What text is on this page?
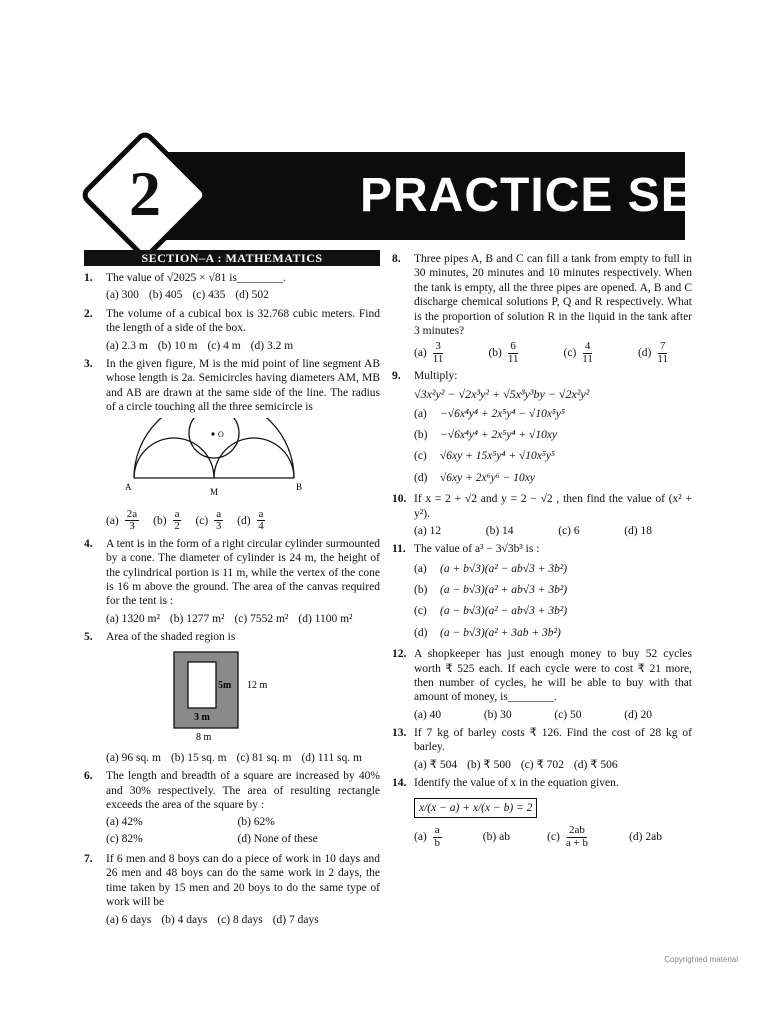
PRACTICE SET
2
SECTION–A : MATHEMATICS
1.	The value of √2025 × √81 is________.
(a) 300 (b) 405 (c) 435 (d) 502
2.	The volume of a cubical box is 32.768 cubic meters. Find the length of a side of the box.
(a) 2.3 m (b) 10 m (c) 4 m (d) 3.2 m
3.	In the given figure, M is the mid point of line segment AB whose length is 2a. Semicircles having diameters AM, MB and AB are drawn at the same side of the line. The radius of a circle touching all the three semicircle is
O
A	B
M
$(a) \frac{2a}{3} (b) \frac{a}{2} (c) \frac{a}{3} (d) \frac{a}{4}$
4.	A tent is in the form of a right circular cylinder surmounted by a cone. The diameter of cylinder is 24 m, the height of the cylindrical portion is 11 m, while the vertex of the cone is 16 m above the ground. The area of the canvas required for the tent is :
(a) 1320 m² (b) 1277 m² (c) 7552 m² (d) 1100 m²
5.	Area of the shaded region is
5m 12 m
3 m
8 m
(a) 96 sq. m (b) 15 sq. m (c) 81 sq. m (d) 111 sq. m
6.	The length and breadth of a square are increased by 40% and 30% respectively. The area of resulting rectangle exceeds the area of the square by :
(a) 42%	(b) 62%
(c) 82%	(d) None of these
7.	If 6 men and 8 boys can do a piece of work in 10 days and 26 men and 48 boys can do the same work in 2 days, the time taken by 15 men and 20 boys to do the same type of work will be
(a) 6 days (b) 4 days (c) 8 days (d) 7 days
8.	Three pipes A, B and C can fill a tank from empty to full in 30 minutes, 20 minutes and 10 minutes respectively. When the tank is empty, all the three pipes are opened. A, B and C discharge chemical solutions P, Q and R respectively. What is the proportion of solution R in the liquid in the tank after 3 minutes?
$(a) \frac{3}{11}$	$(b) \frac{6}{11}$	$(c) \frac{4}{11}$	$(d) \frac{7}{11}$
9.	Multiply:
√3x²y² − √2x³y² + √5x³y³by − √2x²y²
(a)	−√6x⁴y⁴ + 2x⁵y⁴ − √10x⁵y⁵
(b)	−√6x⁴y⁴ + 2x⁵y⁴ + √10xy
(c)	√6xy + 15x⁵y⁴ + √10x⁵y⁵
(d)	√6xy + 2x⁶y⁶ − 10xy
10. If x = 2 + √2 and y = 2 − √2 , then find the value of (x² + y²).
(a) 12	(b) 14	(c) 6	(d) 18
11. The value of a³ − 3√3b³ is :
(a)	(a + b√3)(a² − ab√3 + 3b²)
(b)	(a − b√3)(a² + ab√3 + 3b²)
(c)	(a − b√3)(a² − ab√3 + 3b²)
(d)	(a − b√3)(a² + 3ab + 3b²)
12. A shopkeeper has just enough money to buy 52 cycles worth ₹ 525 each. If each cycle were to cost ₹ 21 more, then number of cycles, he will be able to buy with that amount of money, is________.
(a) 40	(b) 30	(c) 50	(d) 20
13. If 7 kg of barley costs ₹ 126. Find the cost of 28 kg of barley.
(a) ₹ 504 (b) ₹ 500 (c) ₹ 702 (d) ₹ 506
14. Identify the value of x in the equation given.
x/(x − a) + x/(x − b) = 2
$(a) \frac{a}{b}$	(b) ab	$(c) \frac{2ab}{a + b}$	(d) 2ab
Copyrighted material
